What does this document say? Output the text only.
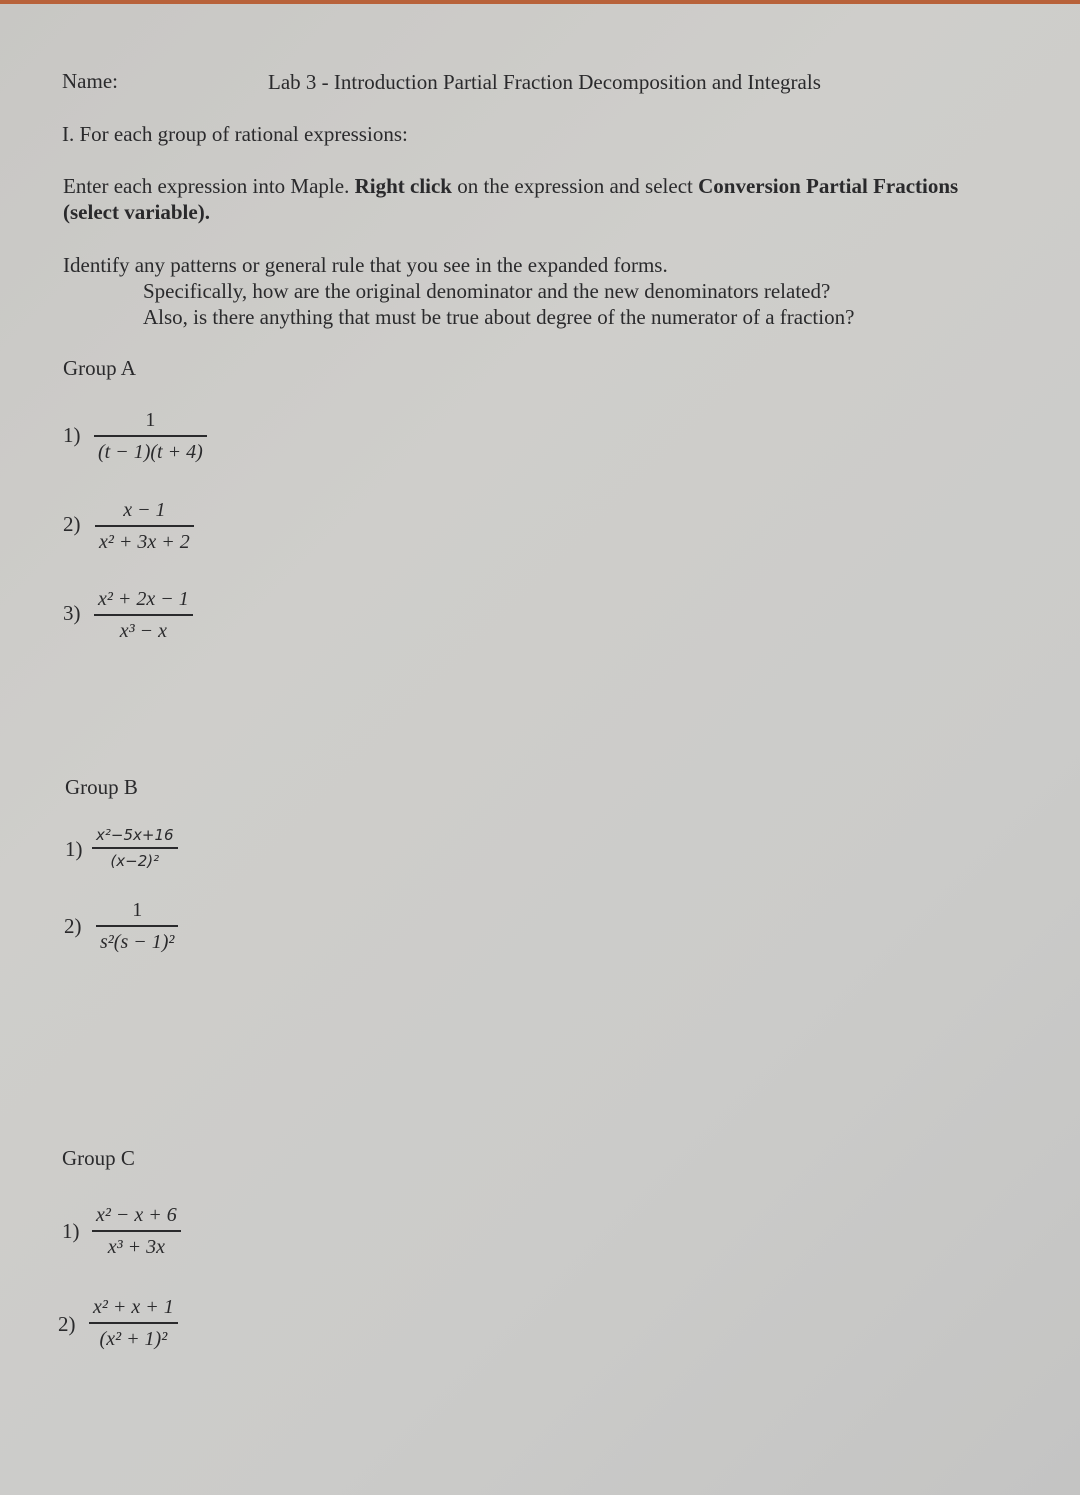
Name:	Lab 3 - Introduction Partial Fraction Decomposition and Integrals
I. For each group of rational expressions:
Enter each expression into Maple. Right click on the expression and select Conversion Partial Fractions
(select variable).
Identify any patterns or general rule that you see in the expanded forms.
Specifically, how are the original denominator and the new denominators related?
Also, is there anything that must be true about degree of the numerator of a fraction?
Group A
1)
1
(t − 1)(t + 4)
2)
x − 1
x² + 3x + 2
3)
x² + 2x − 1
x³ − x
Group B
1)
x²−5x+16
(x−2)²
2)
1
s²(s − 1)²
Group C
1)
x² − x + 6
x³ + 3x
2)
x² + x + 1
(x² + 1)²
